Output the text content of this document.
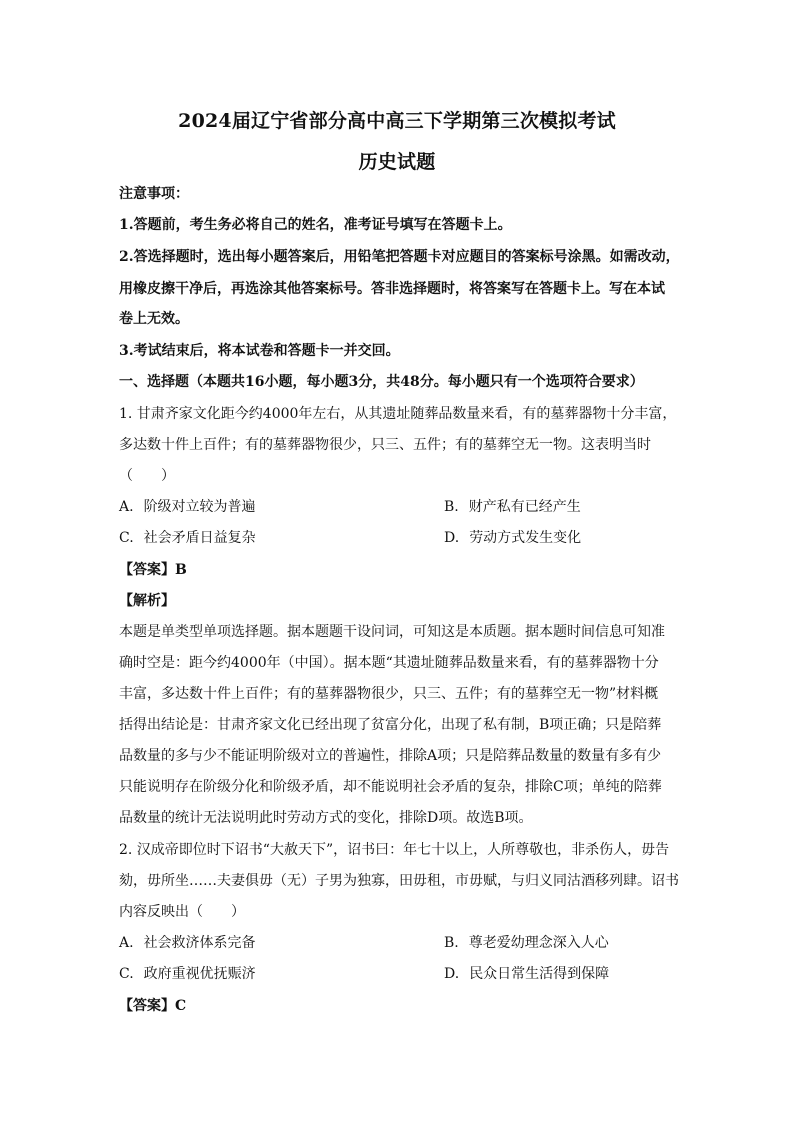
2024届辽宁省部分高中高三下学期第三次模拟考试
历史试题
注意事项：
1.答题前，考生务必将自己的姓名，准考证号填写在答题卡上。
2.答选择题时，选出每小题答案后，用铅笔把答题卡对应题目的答案标号涂黑。如需改动，
用橡皮擦干净后，再选涂其他答案标号。答非选择题时，将答案写在答题卡上。写在本试
卷上无效。
3.考试结束后，将本试卷和答题卡一并交回。
一、选择题（本题共16小题，每小题3分，共48分。每小题只有一个选项符合要求）
1. 甘肃齐家文化距今约4000年左右，从其遗址随葬品数量来看，有的墓葬器物十分丰富，
多达数十件上百件；有的墓葬器物很少，只三、五件；有的墓葬空无一物。这表明当时
（　　）
A. 阶级对立较为普遍	B. 财产私有已经产生
C. 社会矛盾日益复杂	D. 劳动方式发生变化
【答案】B
【解析】
本题是单类型单项选择题。据本题题干设问词，可知这是本质题。据本题时间信息可知准
确时空是：距今约4000年（中国）。据本题“其遗址随葬品数量来看，有的墓葬器物十分
丰富，多达数十件上百件；有的墓葬器物很少，只三、五件；有的墓葬空无一物”材料概
括得出结论是：甘肃齐家文化已经出现了贫富分化，出现了私有制，B项正确；只是陪葬
品数量的多与少不能证明阶级对立的普遍性，排除A项；只是陪葬品数量的数量有多有少
只能说明存在阶级分化和阶级矛盾，却不能说明社会矛盾的复杂，排除C项；单纯的陪葬
品数量的统计无法说明此时劳动方式的变化，排除D项。故选B项。
2. 汉成帝即位时下诏书“大赦天下”，诏书曰：年七十以上，人所尊敬也，非杀伤人，毋告
劾，毋所坐……夫妻俱毋（无）子男为独寡，田毋租，市毋赋，与归义同沽酒移列肆。诏书
内容反映出（　　）
A. 社会救济体系完备	B. 尊老爱幼理念深入人心
C. 政府重视优抚赈济	D. 民众日常生活得到保障
【答案】C
